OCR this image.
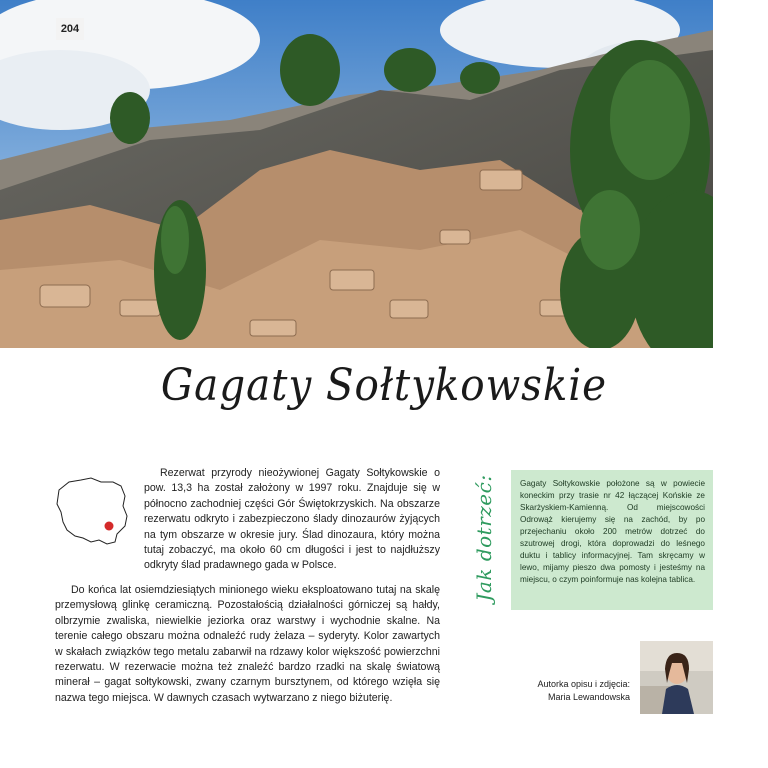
204
Gagaty Sołtykowskie
Rezerwat przyrody nieożywionej Gagaty Sołtykowskie o pow. 13,3 ha został założony w 1997 roku. Znajduje się w północno zachodniej części Gór Świętokrzyskich. Na obszarze rezerwatu odkryto i zabezpieczono ślady dinozaurów żyjących na tym obszarze w okresie jury. Ślad dinozaura, który można tutaj zobaczyć, ma około 60 cm długości i jest to najdłuższy odkryty ślad pradawnego gada w Polsce.
Do końca lat osiemdziesiątych minionego wieku eksploatowano tutaj na skalę przemysłową glinkę ceramiczną. Pozostałością działalności górniczej są hałdy, olbrzymie zwaliska, niewielkie jeziorka oraz warstwy i wychodnie skalne. Na terenie całego obszaru można odnaleźć rudy żelaza – syderyty. Kolor zawartych w skałach związków tego metalu zabarwił na rdzawy kolor większość powierzchni rezerwatu. W rezerwacie można też znaleźć bardzo rzadki na skalę światową minerał – gagat sołtykowski, zwany czarnym bursztynem, od którego wzięła się nazwa tego miejsca. W dawnych czasach wytwarzano z niego biżuterię.
Jak dotrzeć:	Gagaty Sołtykowskie położone są w powiecie koneckim przy trasie nr 42 łączącej Końskie ze Skarżyskiem-Kamienną. Od miejscowości Odrowąż kierujemy się na zachód, by po przejechaniu około 200 metrów dotrzeć do szutrowej drogi, która doprowadzi do leśnego duktu i tablicy informacyjnej. Tam skręcamy w lewo, mijamy pieszo dwa pomosty i jesteśmy na miejscu, o czym poinformuje nas kolejna tablica.
Autorka opisu i zdjęcia:
Maria Lewandowska
